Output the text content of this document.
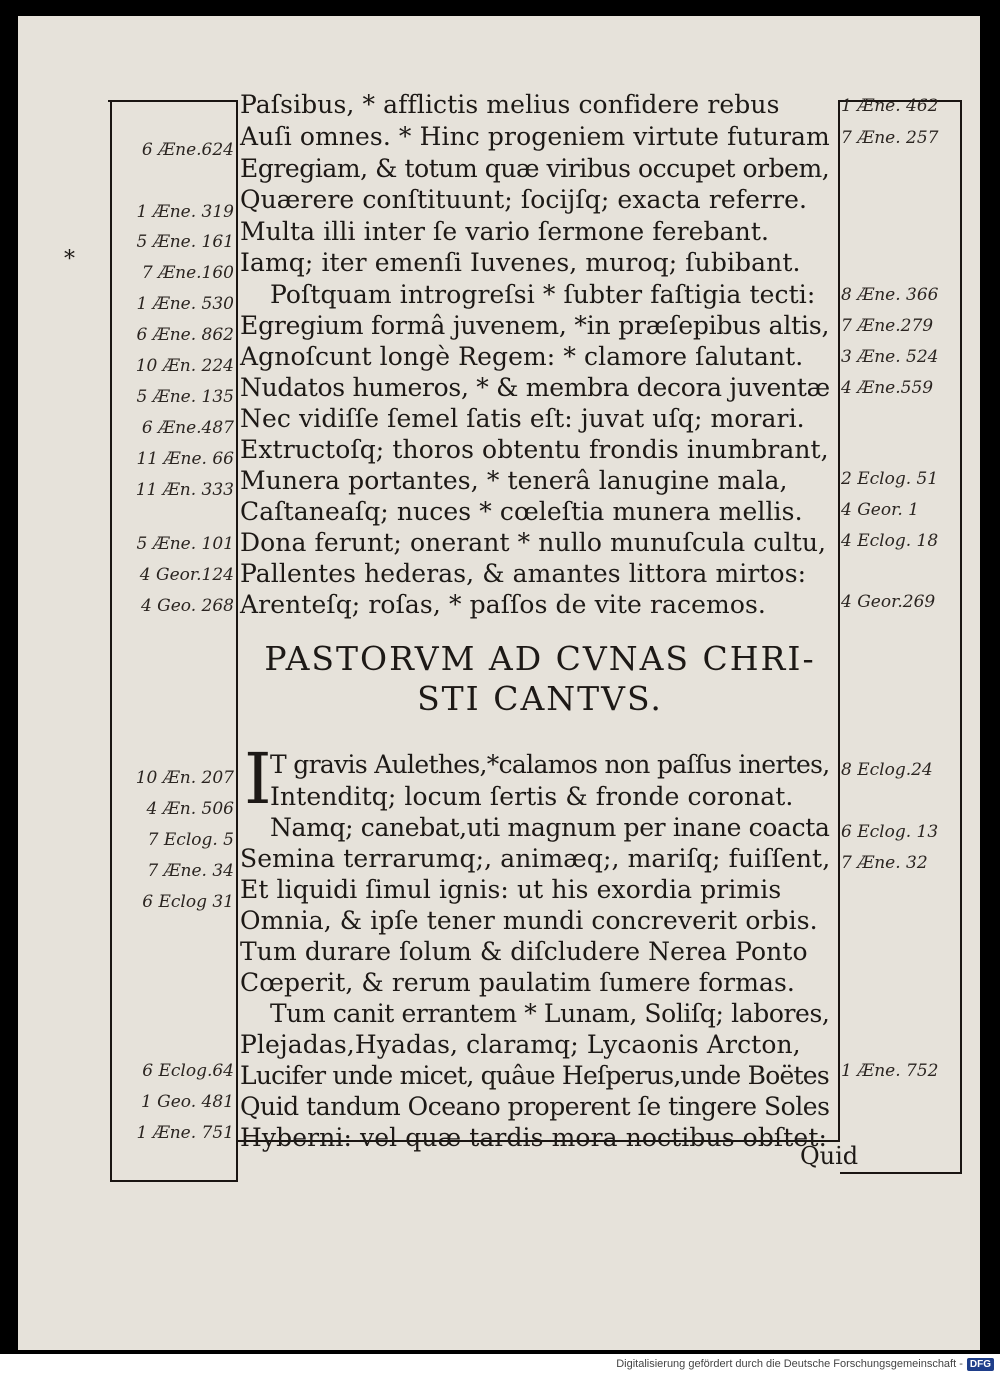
*
Paſsibus, * afflictis melius confidere rebus
Auſi omnes. * Hinc progeniem virtute futuram
Egregiam, & totum quæ viribus occupet orbem,
Quærere conſtituunt; ſocijſq; exacta referre.
Multa illi inter ſe vario ſermone ferebant.
Iamq; iter emenſi Iuvenes, muroq; ſubibant.
Poſtquam introgreſsi * ſubter faſtigia tecti:
Egregium formâ juvenem, *in præſepibus altis,
Agnoſcunt longè Regem: * clamore ſalutant.
Nudatos humeros, * & membra decora juventæ
Nec vidiſſe ſemel ſatis eſt: juvat uſq; morari.
Extructoſq; thoros obtentu frondis inumbrant,
Munera portantes, * tenerâ lanugine mala,
Caſtaneaſq; nuces * cœleſtia munera mellis.
Dona ferunt; onerant * nullo munuſcula cultu,
Pallentes hederas, & amantes littora mirtos:
Arenteſq; roſas, * paſſos de vite racemos.
T gravis Aulethes,*calamos non paſſus inertes,
Intenditq; locum ſertis & fronde coronat.
Namq; canebat,uti magnum per inane coacta
Semina terrarumq;, animæq;, mariſq; fuiſſent,
Et liquidi ſimul ignis: ut his exordia primis
Omnia, & ipſe tener mundi concreverit orbis.
Tum durare ſolum & diſcludere Nerea Ponto
Cœperit, & rerum paulatim ſumere formas.
Tum canit errantem * Lunam, Soliſq; labores,
Plejadas,Hyadas, claramq; Lycaonis Arcton,
Lucifer unde micet, quâue Heſperus,unde Boëtes
Quid tandum Oceano properent ſe tingere Soles
Hyberni: vel quæ tardis mora noctibus obſtet:
6 Æne.624
1 Æne. 319
5 Æne. 161
7 Æne.160
1 Æne. 530
6 Æne. 862
10 Æn. 224
5 Æne. 135
6 Æne.487
11 Æne. 66
11 Æn. 333
5 Æne. 101
4 Geor.124
4 Geo. 268
10 Æn. 207
4 Æn. 506
7 Eclog. 5
7 Æne. 34
6 Eclog 31
6 Eclog.64
1 Geo. 481
1 Æne. 751
1 Æne. 462
7 Æne. 257
8 Æne. 366
7 Æne.279
3 Æne. 524
4 Æne.559
2 Eclog. 51
4 Geor. 1
4 Eclog. 18
4 Geor.269
8 Eclog.24
6 Eclog. 13
7 Æne. 32
1 Æne. 752
PASTORVM AD CVNAS CHRI-
STI CANTVS.
I
Quid
Digitalisierung gefördert durch die Deutsche Forschungsgemeinschaft - DFG
